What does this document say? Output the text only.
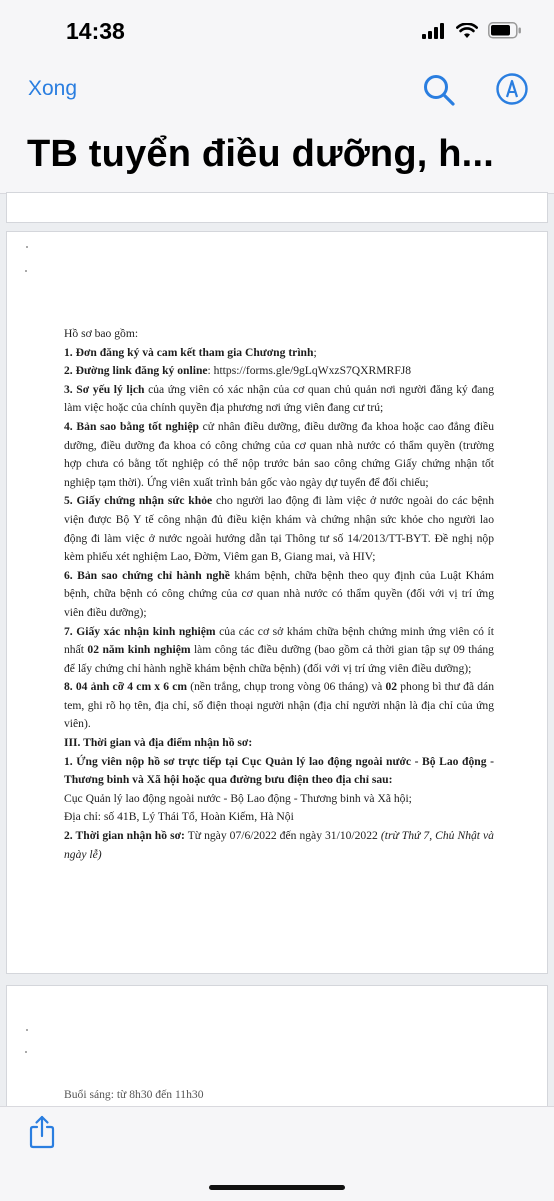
14:38
Xong
TB tuyển điều dưỡng, h...

Hồ sơ bao gồm:

1. Đơn đăng ký và cam kết tham gia Chương trình;

2. Đường link đăng ký online: https://forms.gle/9gLqWxzS7QXRMRFJ8

3. Sơ yếu lý lịch của ứng viên có xác nhận của cơ quan chủ quản nơi người đăng ký đang làm việc hoặc của chính quyền địa phương nơi ứng viên đang cư trú;

4. Bản sao bằng tốt nghiệp cử nhân điều dưỡng, điều dưỡng đa khoa hoặc cao đẳng điều dưỡng, điều dưỡng đa khoa có công chứng của cơ quan nhà nước có thẩm quyền (trường hợp chưa có bằng tốt nghiệp có thể nộp trước bản sao công chứng Giấy chứng nhận tốt nghiệp tạm thời). Ứng viên xuất trình bản gốc vào ngày dự tuyển để đối chiếu;

5. Giấy chứng nhận sức khỏe cho người lao động đi làm việc ở nước ngoài do các bệnh viện được Bộ Y tế công nhận đủ điều kiện khám và chứng nhận sức khỏe cho người lao động đi làm việc ở nước ngoài hướng dẫn tại Thông tư số 14/2013/TT-BYT. Đề nghị nộp kèm phiếu xét nghiệm Lao, Đờm, Viêm gan B, Giang mai, và HIV;

6. Bản sao chứng chỉ hành nghề khám bệnh, chữa bệnh theo quy định của Luật Khám bệnh, chữa bệnh có công chứng của cơ quan nhà nước có thẩm quyền (đối với vị trí ứng viên điều dưỡng);

7. Giấy xác nhận kinh nghiệm của các cơ sở khám chữa bệnh chứng minh ứng viên có ít nhất 02 năm kinh nghiệm làm công tác điều dưỡng (bao gồm cả thời gian tập sự 09 tháng để lấy chứng chỉ hành nghề khám bệnh chữa bệnh) (đối với vị trí ứng viên điều dưỡng);

8. 04 ảnh cỡ 4 cm x 6 cm (nền trắng, chụp trong vòng 06 tháng) và 02 phong bì thư đã dán tem, ghi rõ họ tên, địa chỉ, số điện thoại người nhận (địa chỉ người nhận là địa chỉ của ứng viên).

III. Thời gian và địa điểm nhận hồ sơ:

1. Ứng viên nộp hồ sơ trực tiếp tại Cục Quản lý lao động ngoài nước - Bộ Lao động - Thương binh và Xã hội hoặc qua đường bưu điện theo địa chỉ sau:

Cục Quản lý lao động ngoài nước - Bộ Lao động - Thương binh và Xã hội;

Địa chỉ: số 41B, Lý Thái Tổ, Hoàn Kiếm, Hà Nội

2. Thời gian nhận hồ sơ: Từ ngày 07/6/2022 đến ngày 31/10/2022 (trừ Thứ 7, Chủ Nhật và ngày lễ)

Buổi sáng: từ 8h30 đến 11h30
